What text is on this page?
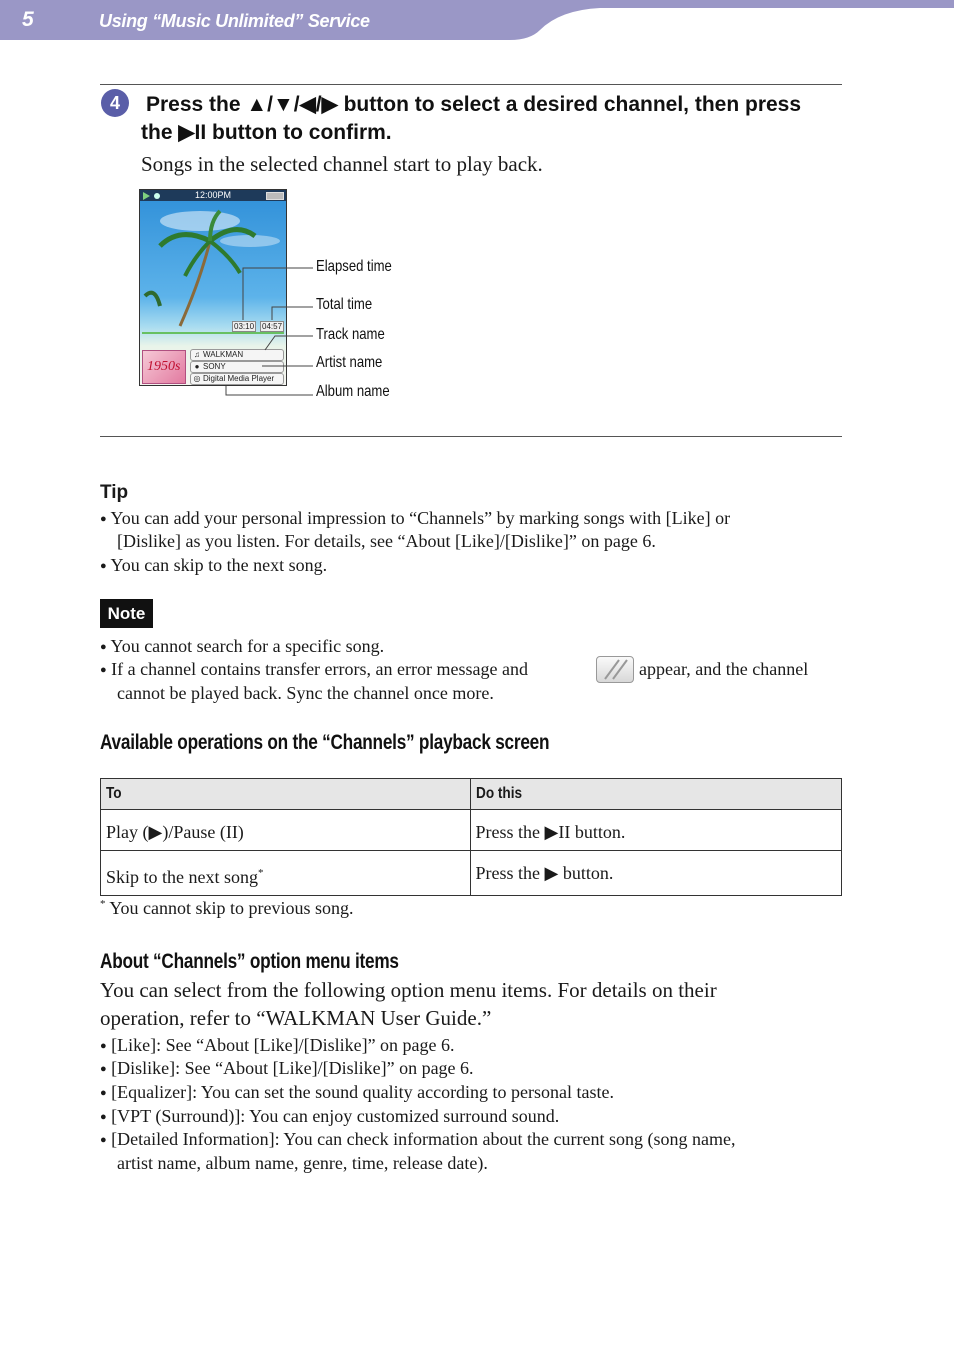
5	Using “Music Unlimited” Service
4	Press the ▲/▼/◀/▶ button to select a desired channel, then press
the ▶II button to confirm.
Songs in the selected channel start to play back.
12:00PM
03:10 04:57
1950s
♫ WALKMAN
● SONY
◎ Digital Media Player
Elapsed time
Total time
Track name
Artist name
Album name
Tip
● You can add your personal impression to “Channels” by marking songs with [Like] or
[Dislike] as you listen. For details, see “About [Like]/[Dislike]” on page 6.
● You can skip to the next song.
Note
● You cannot search for a specific song.
● If a channel contains transfer errors, an error message and	appear, and the channel
cannot be played back. Sync the channel once more.
Available operations on the “Channels” playback screen
To	Do this
Play (▶)/Pause (II)	Press the ▶II button.
Skip to the next song*	Press the ▶ button.
* You cannot skip to previous song.
About “Channels” option menu items
You can select from the following option menu items. For details on their
operation, refer to “WALKMAN User Guide.”
● [Like]: See “About [Like]/[Dislike]” on page 6.
● [Dislike]: See “About [Like]/[Dislike]” on page 6.
● [Equalizer]: You can set the sound quality according to personal taste.
● [VPT (Surround)]: You can enjoy customized surround sound.
● [Detailed Information]: You can check information about the current song (song name,
artist name, album name, genre, time, release date).
